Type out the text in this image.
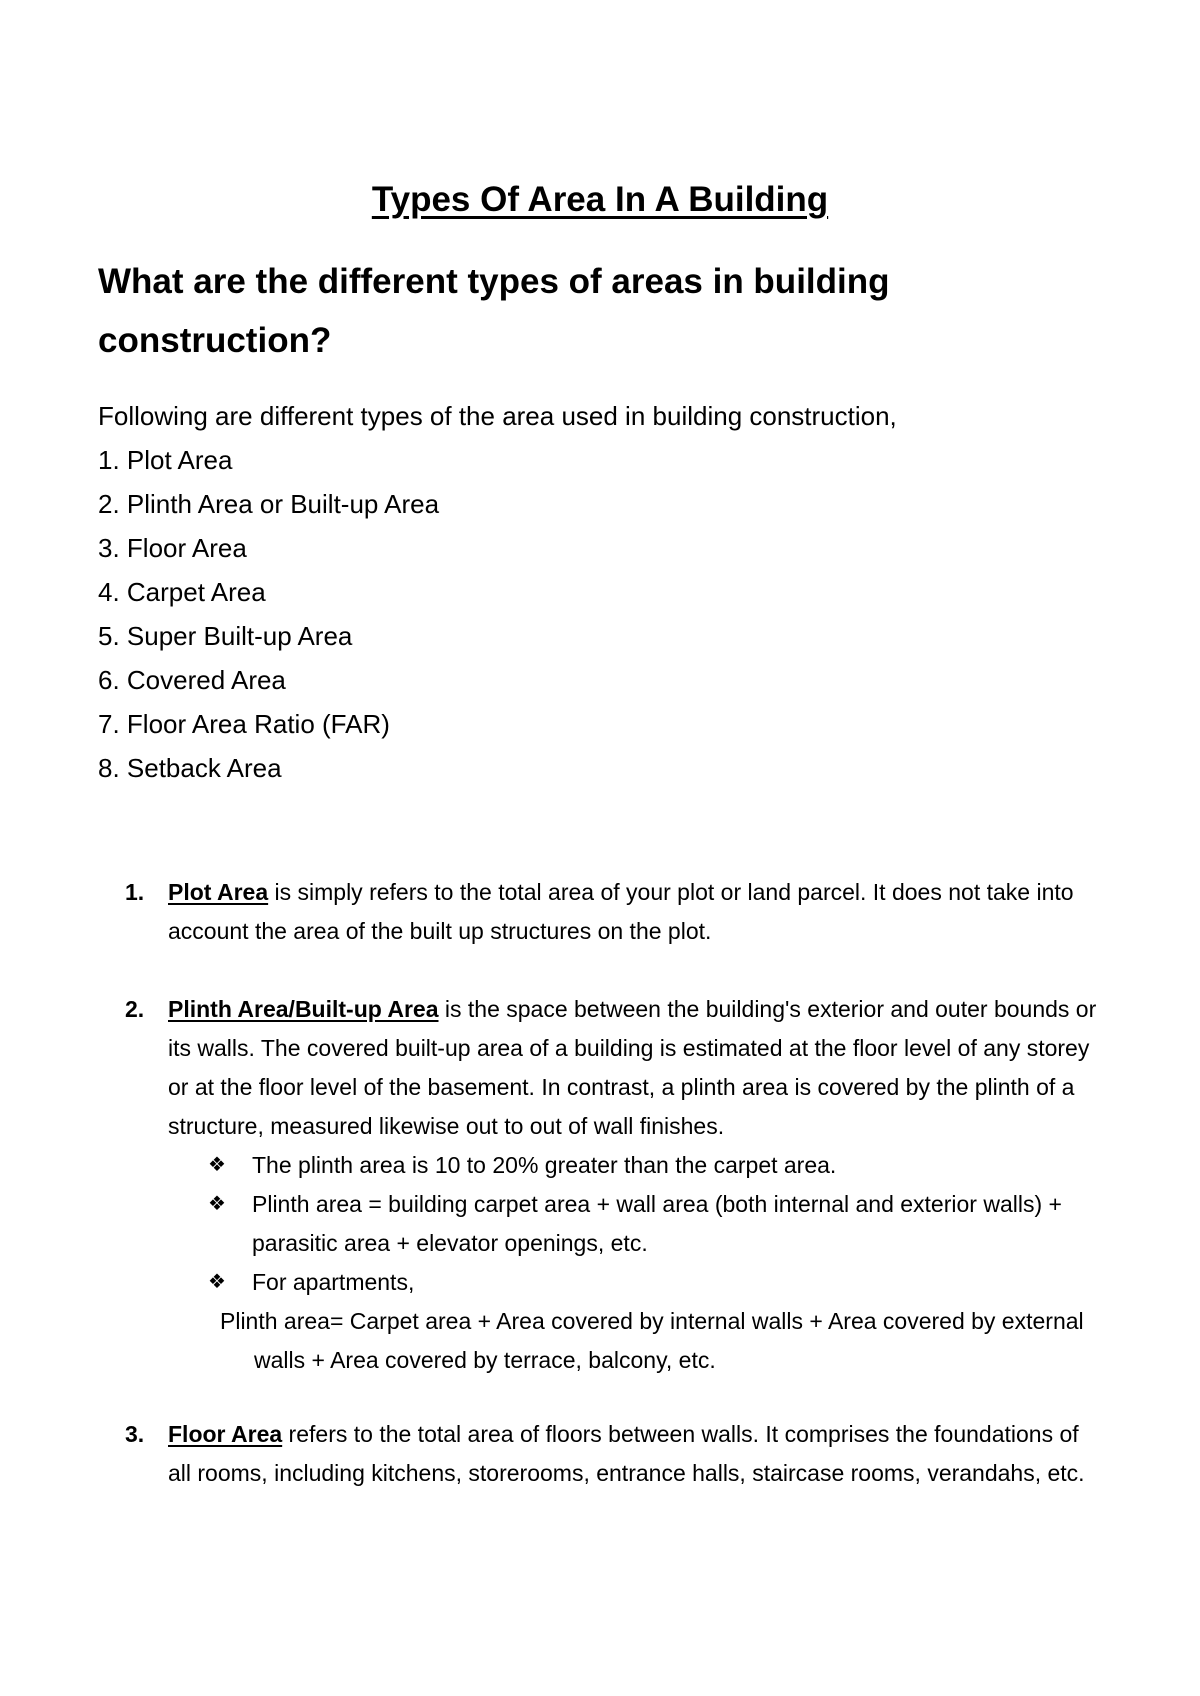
Types Of Area In A Building
What are the different types of areas in building construction?

Following are different types of the area used in building construction,

1. Plot Area
2. Plinth Area or Built-up Area
3. Floor Area
4. Carpet Area
5. Super Built-up Area
6. Covered Area
7. Floor Area Ratio (FAR)
8. Setback Area
1. Plot Area is simply refers to the total area of your plot or land parcel. It does not take into account the area of the built up structures on the plot.
2. Plinth Area/Built-up Area is the space between the building's exterior and outer bounds or its walls. The covered built-up area of a building is estimated at the floor level of any storey or at the floor level of the basement. In contrast, a plinth area is covered by the plinth of a structure, measured likewise out to out of wall finishes.
❖ The plinth area is 10 to 20% greater than the carpet area.
❖ Plinth area = building carpet area + wall area (both internal and exterior walls) + parasitic area + elevator openings, etc.
❖ For apartments,
Plinth area= Carpet area + Area covered by internal walls + Area covered by external walls + Area covered by terrace, balcony, etc.
3. Floor Area refers to the total area of floors between walls. It comprises the foundations of all rooms, including kitchens, storerooms, entrance halls, staircase rooms, verandahs, etc.
